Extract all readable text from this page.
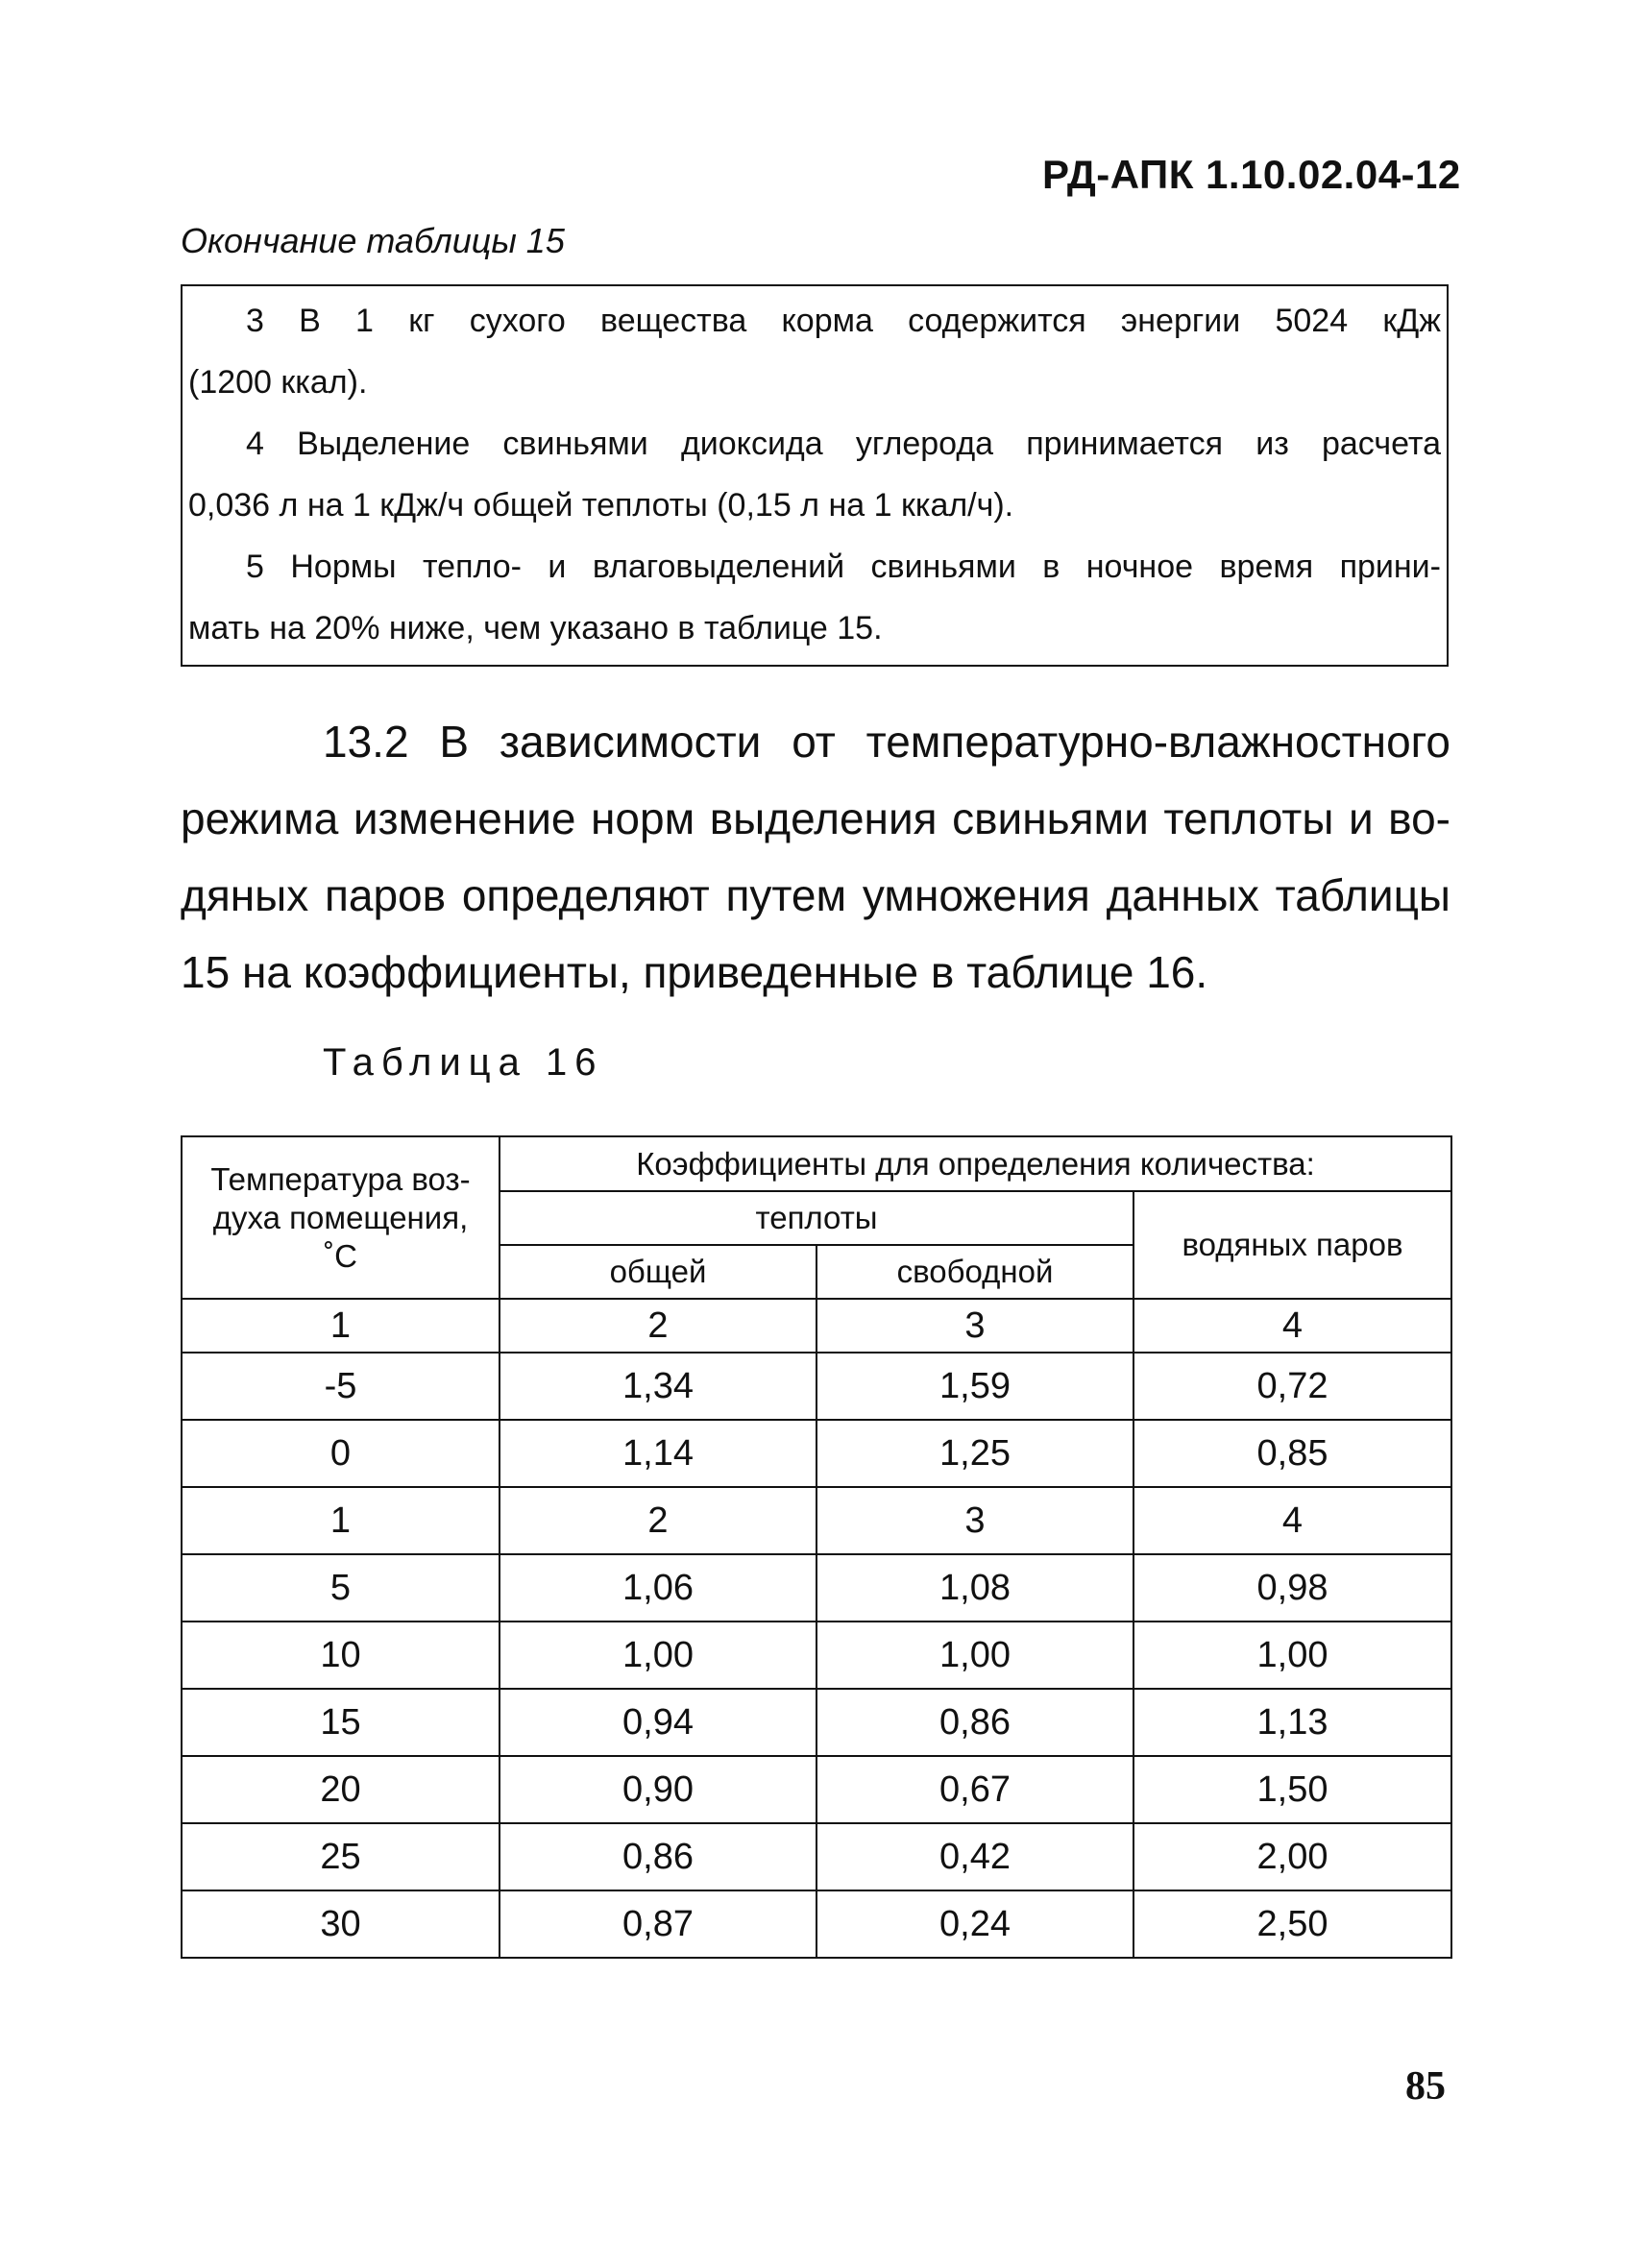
РД-АПК 1.10.02.04-12
Окончание таблицы 15
3 В 1 кг сухого вещества корма содержится энергии 5024 кДж
(1200 ккал).
4 Выделение свиньями диоксида углерода принимается из расчета
0,036 л на 1 кДж/ч общей теплоты (0,15 л на 1 ккал/ч).
5 Нормы тепло- и влаговыделений свиньями в ночное время прини-
мать на 20% ниже, чем указано в таблице 15.
13.2 В зависимости от температурно-влажностного
режима изменение норм выделения свиньями теплоты и во-
дяных паров определяют путем умножения данных таблицы
15 на коэффициенты, приведенные в таблице 16.
Таблица 16
Температура воз-
духа помещения,
˚С	Коэффициенты для определения количества:		
	теплоты		водяных паров
	общей	свободной	
1	2	3	4
-5	1,34	1,59	0,72
0	1,14	1,25	0,85
1	2	3	4
5	1,06	1,08	0,98
10	1,00	1,00	1,00
15	0,94	0,86	1,13
20	0,90	0,67	1,50
25	0,86	0,42	2,00
30	0,87	0,24	2,50
85
